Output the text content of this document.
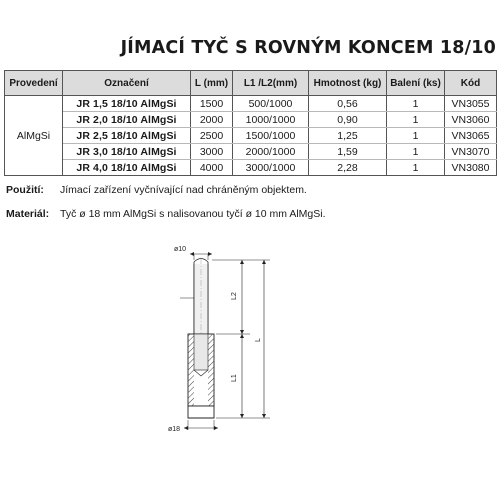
JÍMACÍ TYČ S ROVNÝM KONCEM 18/10
Provedení	Označení	L (mm)	L1 /L2(mm)	Hmotnost (kg)	Balení (ks)	Kód
AlMgSi	JR 1,5 18/10 AlMgSi	1500	500/1000	0,56	1	VN3055
	JR 2,0 18/10 AlMgSi	2000	1000/1000	0,90	1	VN3060
	JR 2,5 18/10 AlMgSi	2500	1500/1000	1,25	1	VN3065
	JR 3,0 18/10 AlMgSi	3000	2000/1000	1,59	1	VN3070
	JR 4,0 18/10 AlMgSi	4000	3000/1000	2,28	1	VN3080
Použití: Jímací zařízení vyčnívající nad chráněným objektem.
Materiál: Tyč ø 18 mm AlMgSi s nalisovanou tyčí ø 10 mm AlMgSi.
ø10
ø18
L2
L
L1
